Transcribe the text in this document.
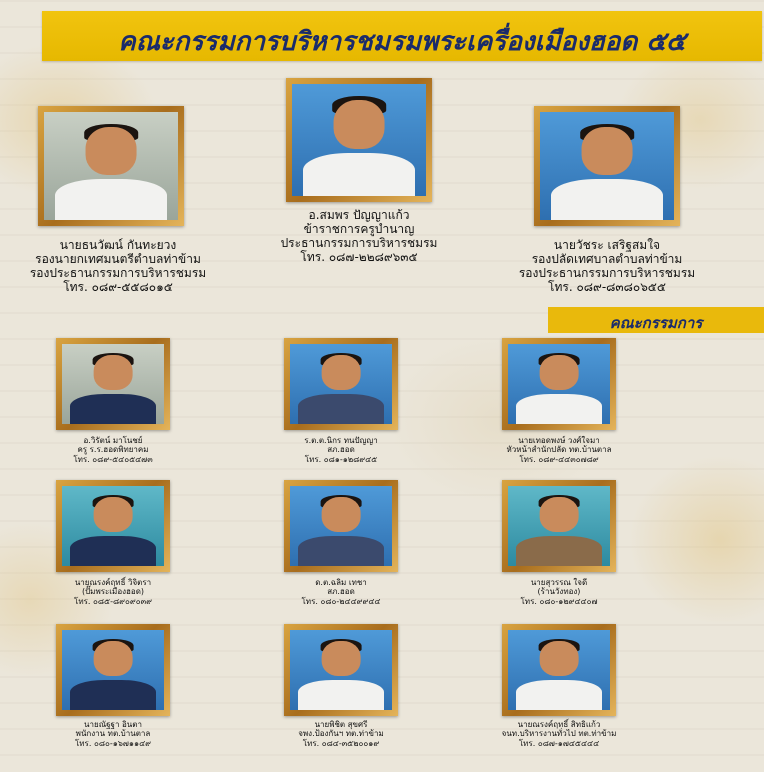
คณะกรรมการบริหารชมรมพระเครื่องเมืองฮอด ๕๕
นายธนวัฒน์ กันทะยวง
รองนายกเทศมนตรีตำบลท่าข้าม
รองประธานกรรมการบริหารชมรม
โทร. ๐๘๙-๕๕๘๐๑๕
อ.สมพร ปัญญาแก้ว
ข้าราชการครูบำนาญ
ประธานกรรมการบริหารชมรม
โทร. ๐๘๗-๒๒๘๙๖๓๕
นายวัชระ เสริฐสมใจ
รองปลัดเทศบาลตำบลท่าข้าม
รองประธานกรรมการบริหารชมรม
โทร. ๐๘๙-๘๓๘๐๖๕๕
คณะกรรมการ
อ.วิรัตน์ มาโนชย์
ครู ร.ร.ฮอดพิทยาคม
โทร. ๐๘๙-๕๔๐๕๔๗๓
ร.ต.ต.นิกร ทนปัญญา
สภ.ฮอด
โทร. ๐๘๑-๑๒๘๙๔๕
นายเทอดพงษ์ วงศ์ใจมา
หัวหน้าสำนักปลัด ทต.บ้านตาล
โทร. ๐๘๙-๔๔๓๐๗๘๙
นายณรงค์ฤทธิ์ วิจิตรา
(ปั๊มพระเมืองฮอด)
โทร. ๐๘๕-๘๙๐๙๐๓๙
ด.ต.ฉลิม เทชา
สภ.ฮอด
โทร. ๐๘๐-๒๔๔๙๙๔๔
นายสุวรรณ ใจดี
(ร้านวังทอง)
โทร. ๐๘๐-๑๒๙๔๔๐๗
นายณัฐฐา อินตา
พนักงาน ทต.บ้านตาล
โทร. ๐๘๐-๑๖๗๑๑๔๙
นายพิชิต สุขศรี
จพง.ป้องกันฯ ทต.ท่าข้าม
โทร. ๐๘๔-๓๕๒๐๐๑๙
นายณรงค์ฤทธิ์ สิทธิแก้ว
จนท.บริหารงานทั่วไป ทต.ท่าข้าม
โทร. ๐๘๗-๑๗๔๕๔๔๔
